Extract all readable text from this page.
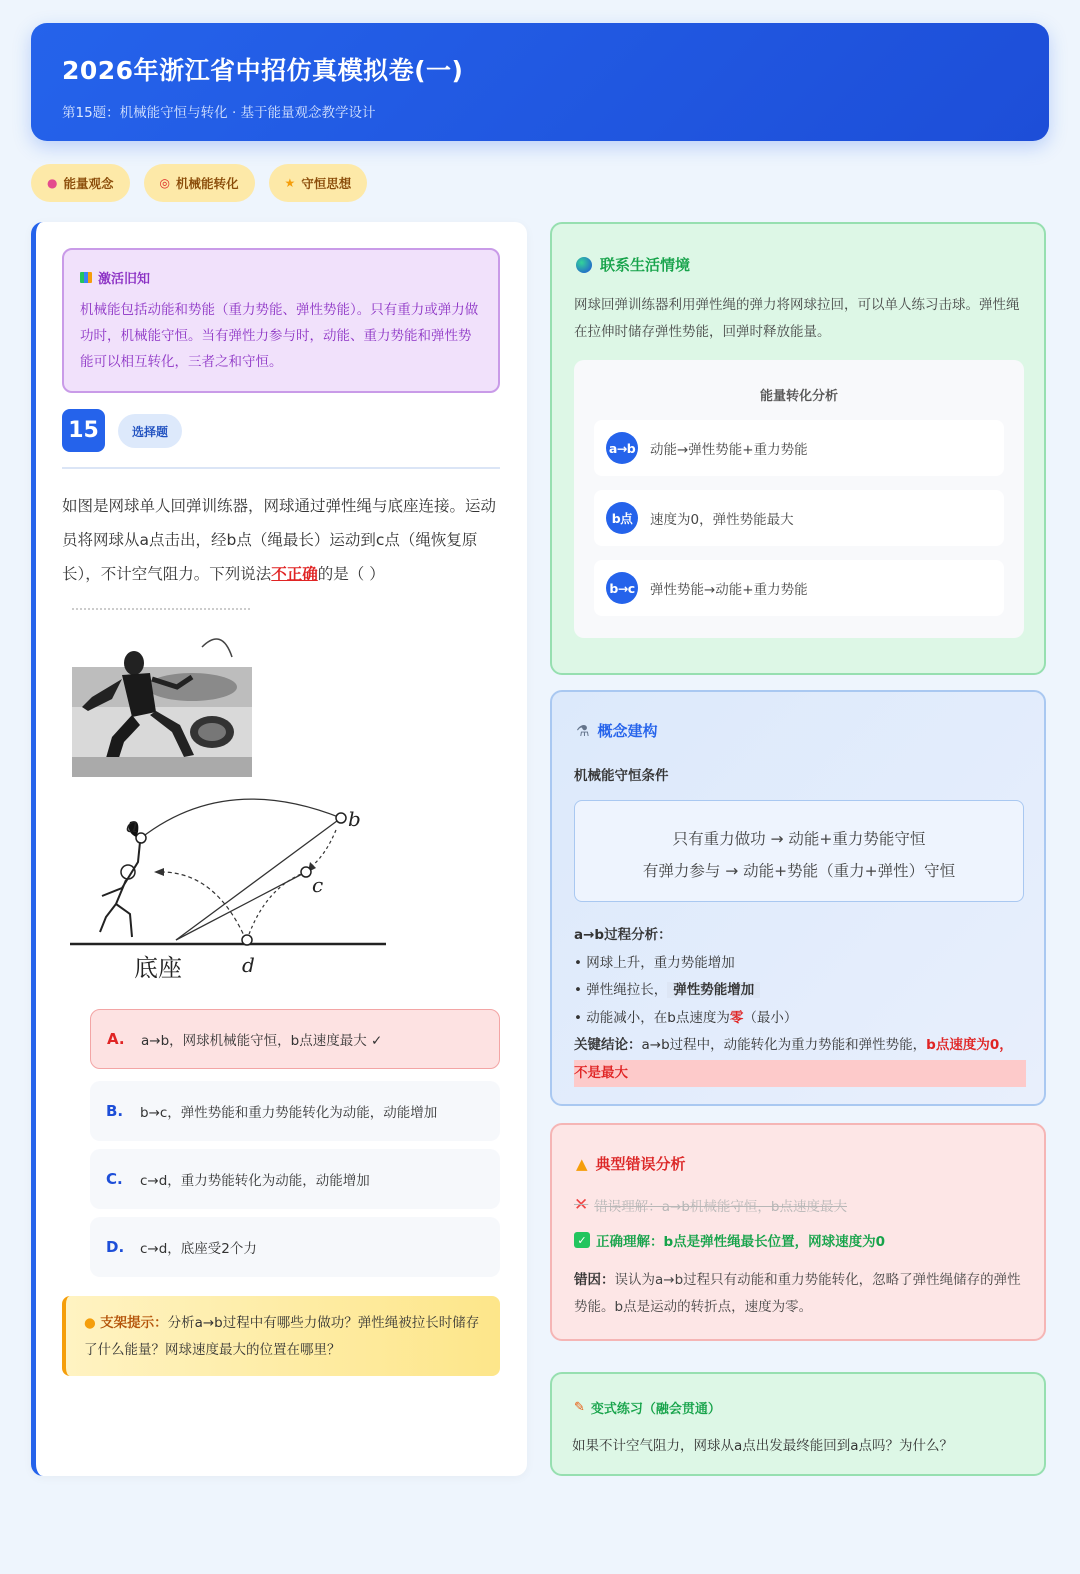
2026年浙江省中招仿真模拟卷(一)
第15题：机械能守恒与转化 · 基于能量观念教学设计
● 能量观念	◎ 机械能转化	★ 守恒思想
激活旧知
机械能包括动能和势能（重力势能、弹性势能）。只有重力或弹力做功时，机械能守恒。当有弹性力参与时，动能、重力势能和弹性势能可以相互转化，三者之和守恒。
15	选择题
如图是网球单人回弹训练器，网球通过弹性绳与底座连接。运动员将网球从a点击出，经b点（绳最长）运动到c点（绳恢复原长），不计空气阻力。下列说法不正确的是（ ）
a	b
c
d
底座
A.	a→b，网球机械能守恒，b点速度最大 ✓
B.	b→c，弹性势能和重力势能转化为动能，动能增加
C.	c→d，重力势能转化为动能，动能增加
D.	c→d，底座受2个力
● 支架提示：分析a→b过程中有哪些力做功？弹性绳被拉长时储存了什么能量？网球速度最大的位置在哪里？
联系生活情境
网球回弹训练器利用弹性绳的弹力将网球拉回，可以单人练习击球。弹性绳在拉伸时储存弹性势能，回弹时释放能量。
能量转化分析
a→b 动能→弹性势能+重力势能
b点	速度为0，弹性势能最大
b→c 弹性势能→动能+重力势能
⚗ 概念建构
机械能守恒条件
只有重力做功 → 动能+重力势能守恒
有弹力参与 → 动能+势能（重力+弹性）守恒
a→b过程分析：
• 网球上升，重力势能增加
• 弹性绳拉长， 弹性势能增加
• 动能减小，在b点速度为零（最小）
关键结论：a→b过程中，动能转化为重力势能和弹性势能，b点速度为0，
不是最大
▲ 典型错误分析
✕ 错误理解：a→b机械能守恒，b点速度最大
✓ 正确理解：b点是弹性绳最长位置，网球速度为0
错因：误认为a→b过程只有动能和重力势能转化，忽略了弹性绳储存的弹性势能。b点是运动的转折点，速度为零。
✎ 变式练习（融会贯通）
如果不计空气阻力，网球从a点出发最终能回到a点吗？为什么？
